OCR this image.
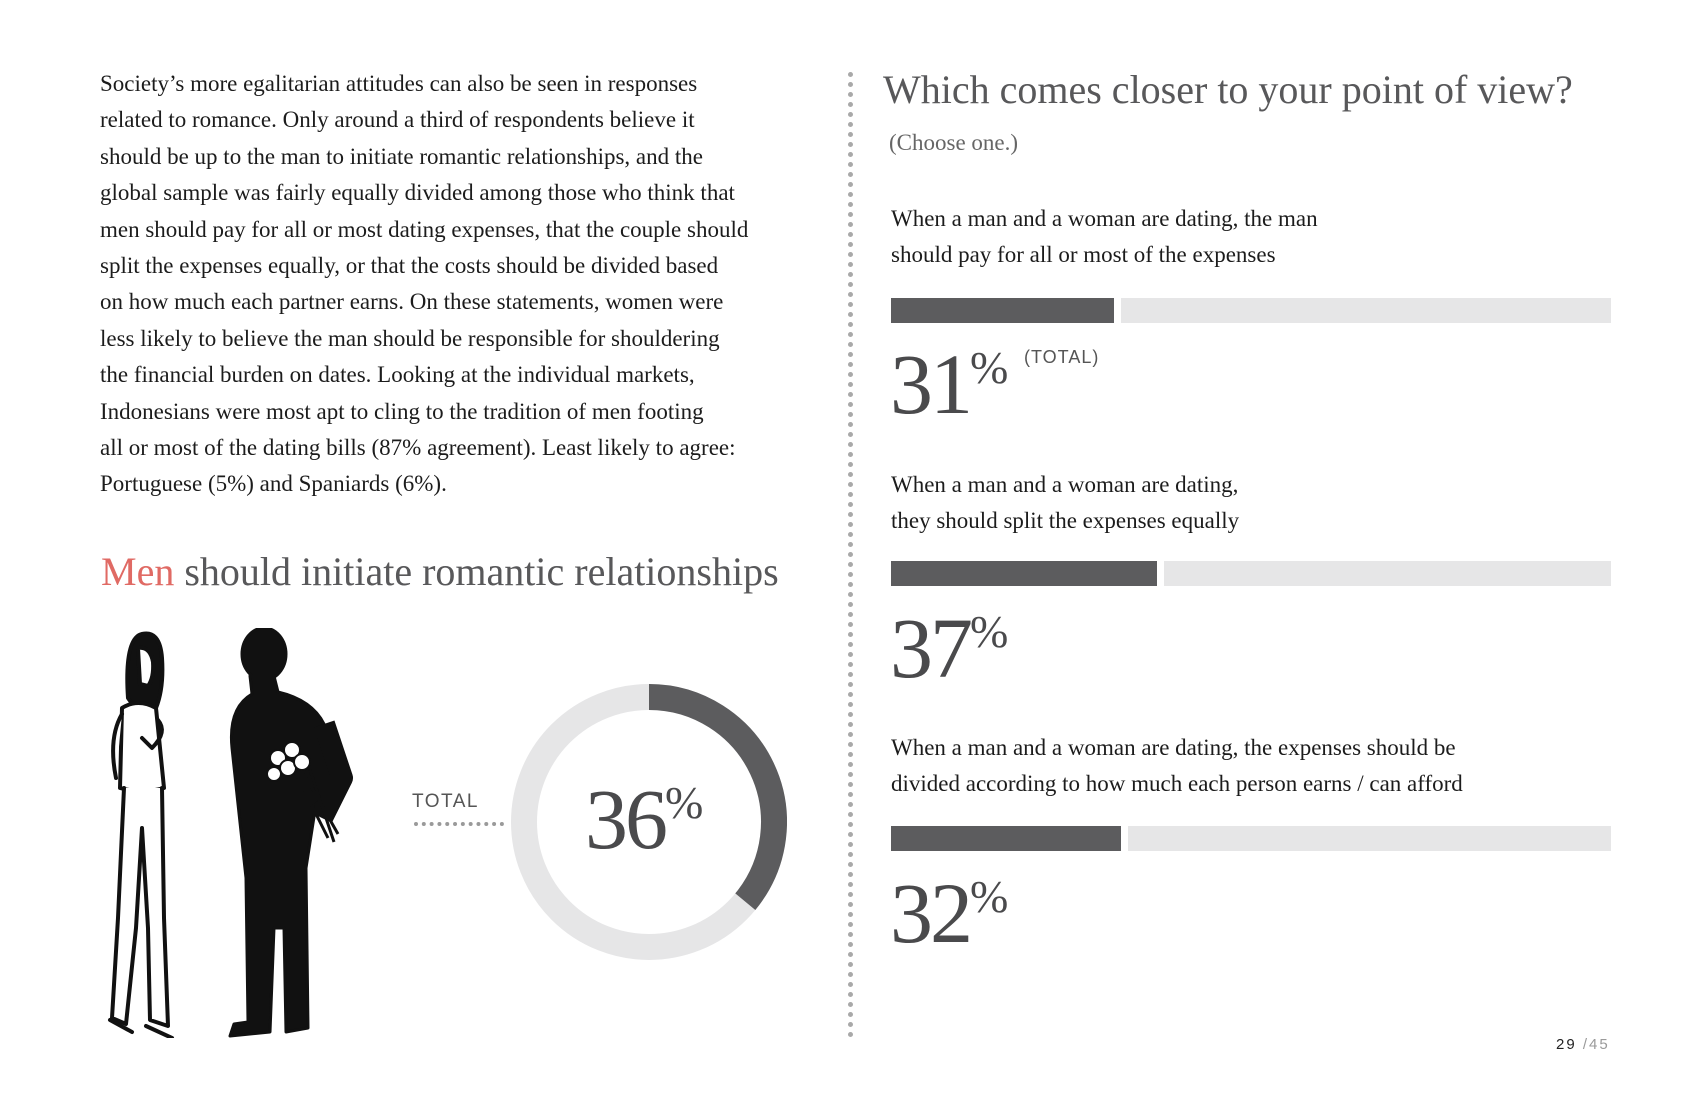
Society’s more egalitarian attitudes can also be seen in responses
related to romance. Only around a third of respondents believe it
should be up to the man to initiate romantic relationships, and the
global sample was fairly equally divided among those who think that
men should pay for all or most dating expenses, that the couple should
split the expenses equally, or that the costs should be divided based
on how much each partner earns. On these statements, women were
less likely to believe the man should be responsible for shouldering
the financial burden on dates. Looking at the individual markets,
Indonesians were most apt to cling to the tradition of men footing
all or most of the dating bills (87% agreement). Least likely to agree:
Portuguese (5%) and Spaniards (6%).
Men should initiate romantic relationships
TOTAL 36%
Which comes closer to your point of view?
(Choose one.)
When a man and a woman are dating, the man
should pay for all or most of the expenses
31% (TOTAL)
When a man and a woman are dating,
they should split the expenses equally
37%
When a man and a woman are dating, the expenses should be
divided according to how much each person earns / can afford
32%
29 /45
